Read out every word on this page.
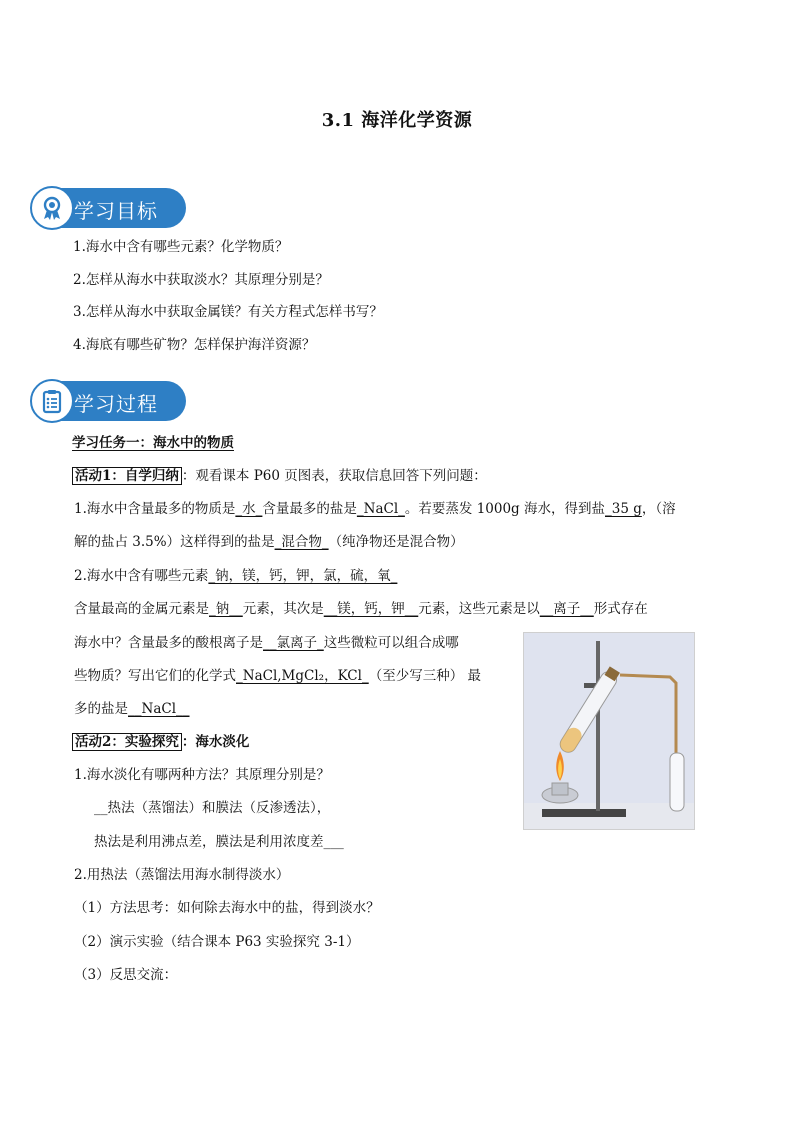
3.1 海洋化学资源
学习目标
1.海水中含有哪些元素？化学物质？
2.怎样从海水中获取淡水？其原理分别是？
3.怎样从海水中获取金属镁？有关方程式怎样书写？
4.海底有哪些矿物？怎样保护海洋资源？
学习过程
学习任务一：海水中的物质
活动1：自学归纳 ：观看课本 P60 页图表，获取信息回答下列问题：
1.海水中含量最多的物质是_水_含量最多的盐是_NaCl_。若要蒸发 1000g 海水，得到盐_35 g，（溶
解的盐占 3.5%）这样得到的盐是_混合物_（纯净物还是混合物）
2.海水中含有哪些元素_钠，镁，钙，钾，氯，硫，氧_
含量最高的金属元素是_钠__元素，其次是__镁，钙，钾__元素，这些元素是以__离子__形式存在
海水中？含量最多的酸根离子是__氯离子_这些微粒可以组合成哪
些物质？写出它们的化学式_NaCl,MgCl₂，KCl_（至少写三种） 最
多的盐是__NaCl__
活动2：实验探究 ：海水淡化
1.海水淡化有哪两种方法？其原理分别是？
__热法（蒸馏法）和膜法（反渗透法），
热法是利用沸点差，膜法是利用浓度差___
2.用热法（蒸馏法用海水制得淡水）
（1）方法思考：如何除去海水中的盐，得到淡水？
（2）演示实验（结合课本 P63 实验探究 3-1）
（3）反思交流：
